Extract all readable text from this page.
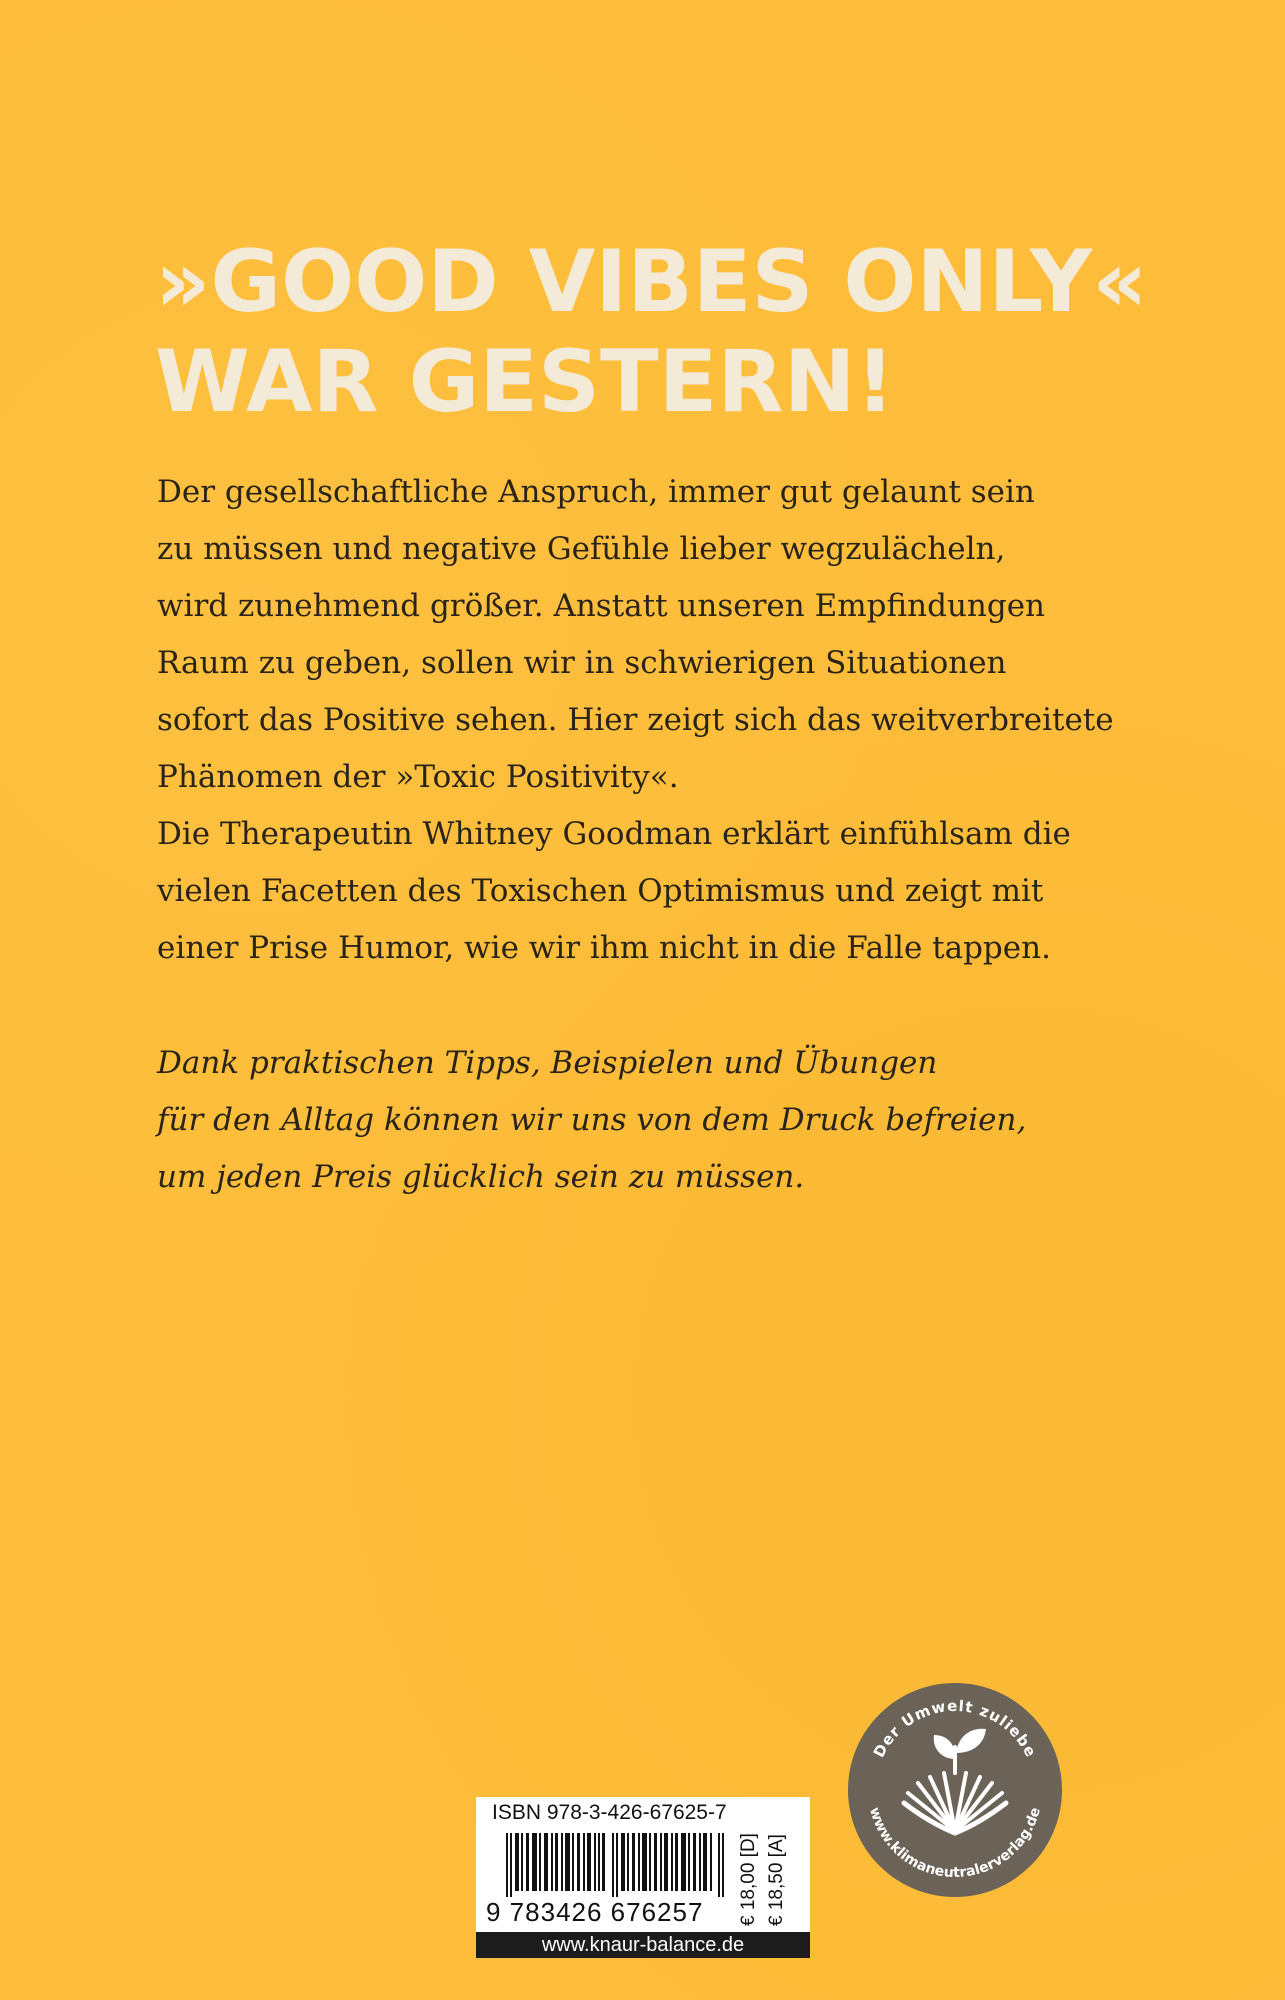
»GOOD VIBES ONLY«
WAR GESTERN!

Der gesellschaftliche Anspruch, immer gut gelaunt sein
zu müssen und negative Gefühle lieber wegzulächeln,
wird zunehmend größer. Anstatt unseren Empfindungen
Raum zu geben, sollen wir in schwierigen Situationen
sofort das Positive sehen. Hier zeigt sich das weitverbreitete
Phänomen der »Toxic Positivity«.
Die Therapeutin Whitney Goodman erklärt einfühlsam die
vielen Facetten des Toxischen Optimismus und zeigt mit
einer Prise Humor, wie wir ihm nicht in die Falle tappen.

Dank praktischen Tipps, Beispielen und Übungen
für den Alltag können wir uns von dem Druck befreien,
um jeden Preis glücklich sein zu müssen.

ISBN 978-3-426-67625-7
9 783426 676257 € 18,00 [D] € 18,50 [A]
www.knaur-balance.de
Der Umwelt zuliebe
www.klimaneutralerverlag.de
